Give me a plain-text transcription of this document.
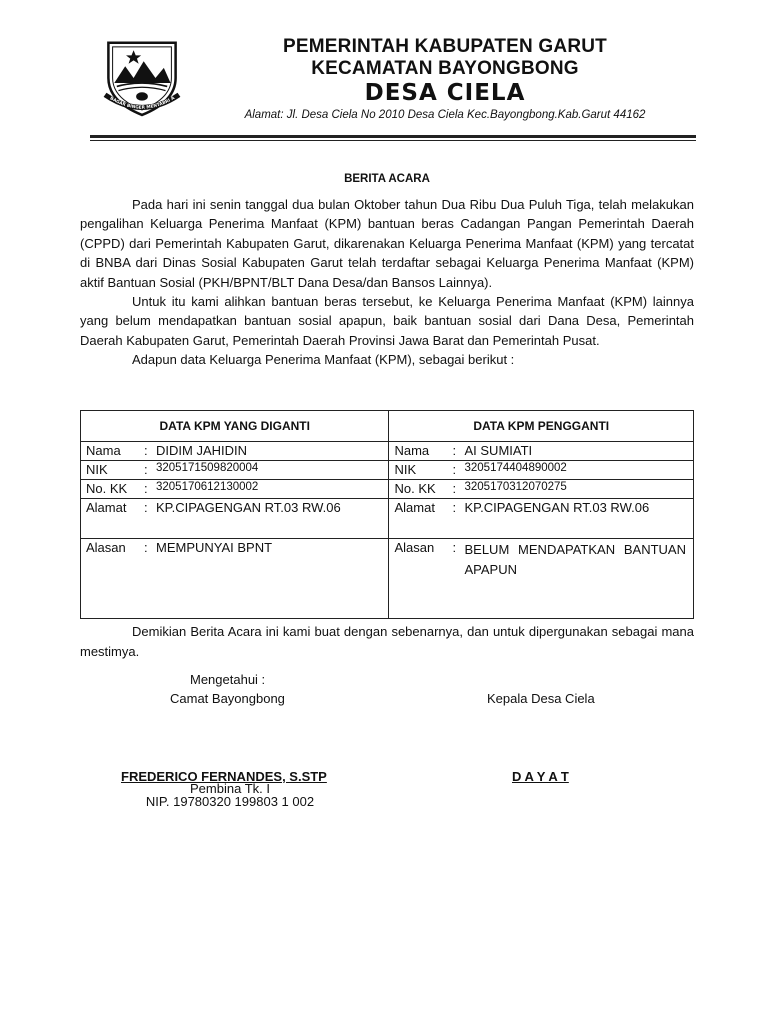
BAGAR BINGER MENTABRI A
PEMERINTAH KABUPATEN GARUT
KECAMATAN BAYONGBONG
DESA CIELA
Alamat: Jl. Desa Ciela No 2010 Desa Ciela Kec.Bayongbong.Kab.Garut 44162
BERITA ACARA

Pada hari ini senin tanggal dua bulan Oktober tahun Dua Ribu Dua Puluh Tiga, telah melakukan pengalihan Keluarga Penerima Manfaat (KPM) bantuan beras Cadangan Pangan Pemerintah Daerah (CPPD) dari Pemerintah Kabupaten Garut, dikarenakan Keluarga Penerima Manfaat (KPM) yang tercatat di BNBA dari Dinas Sosial Kabupaten Garut telah terdaftar sebagai Keluarga Penerima Manfaat (KPM) aktif Bantuan Sosial (PKH/BPNT/BLT Dana Desa/dan Bansos Lainnya).

Untuk itu kami alihkan bantuan beras tersebut, ke Keluarga Penerima Manfaat (KPM) lainnya yang belum mendapatkan bantuan sosial apapun, baik bantuan sosial dari Dana Desa, Pemerintah Daerah Kabupaten Garut, Pemerintah Daerah Provinsi Jawa Barat dan Pemerintah Pusat.

Adapun data Keluarga Penerima Manfaat (KPM), sebagai berikut :

DATA KPM YANG DIGANTI	DATA KPM PENGGANTI

Nama : DIDIM JAHIDIN	Nama : AI SUMIATI

NIK : 3205171509820004	NIK : 3205174404890002

No. KK : 3205170612130002	No. KK : 3205170312070275

Alamat : KP.CIPAGENGAN RT.03 RW.06	Alamat : KP.CIPAGENGAN RT.03 RW.06

Alasan : MEMPUNYAI BPNT	Alasan : BELUM MENDAPATKAN BANTUAN APAPUN

Demikian Berita Acara ini kami buat dengan sebenarnya, dan untuk dipergunakan sebagai mana mestimya.

Mengetahui :
Camat Bayongbong	Kepala Desa Ciela
FREDERICO FERNANDES, S.STP
Pembina Tk. I
NIP. 19780320 199803 1 002
D A Y A T
